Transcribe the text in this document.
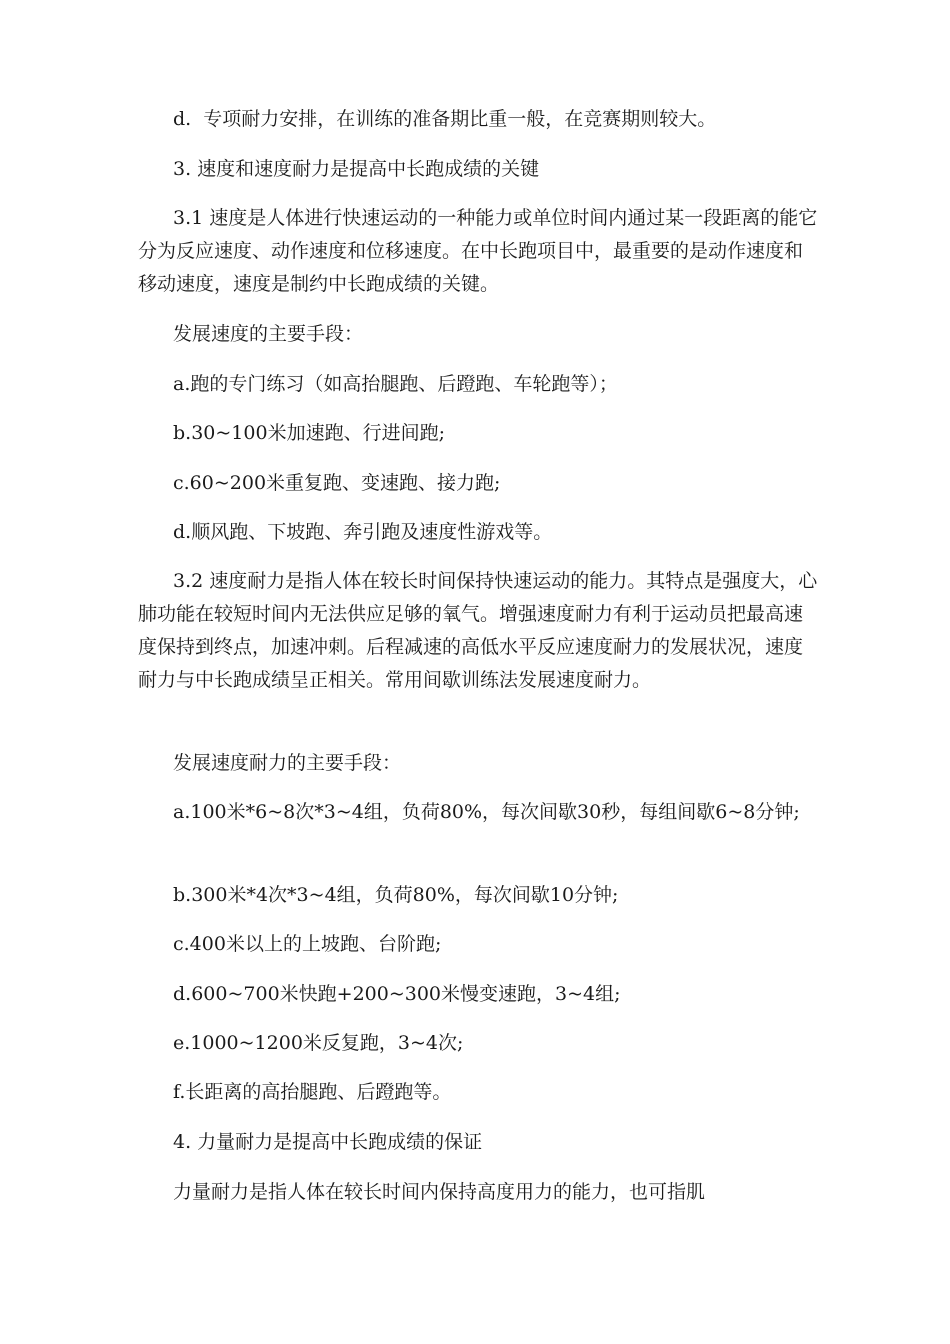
d.  专项耐力安排，在训练的准备期比重一般，在竞赛期则较大。

3. 速度和速度耐力是提高中长跑成绩的关键

3.1 速度是人体进行快速运动的一种能力或单位时间内通过某一段距离的能它分为反应速度、动作速度和位移速度。在中长跑项目中，最重要的是动作速度和移动速度，速度是制约中长跑成绩的关键。

发展速度的主要手段：

a.跑的专门练习（如高抬腿跑、后蹬跑、车轮跑等）；

b.30~100米加速跑、行进间跑;

c.60~200米重复跑、变速跑、接力跑;

d.顺风跑、下坡跑、奔引跑及速度性游戏等。

3.2 速度耐力是指人体在较长时间保持快速运动的能力。其特点是强度大，心肺功能在较短时间内无法供应足够的氧气。增强速度耐力有利于运动员把最高速度保持到终点，加速冲刺。后程减速的高低水平反应速度耐力的发展状况，速度耐力与中长跑成绩呈正相关。常用间歇训练法发展速度耐力。

发展速度耐力的主要手段：

a.100米*6~8次*3~4组，负荷80%，每次间歇30秒，每组间歇6~8分钟;

b.300米*4次*3~4组，负荷80%，每次间歇10分钟;

c.400米以上的上坡跑、台阶跑;

d.600~700米快跑+200~300米慢变速跑，3~4组;

e.1000~1200米反复跑，3~4次;

f.长距离的高抬腿跑、后蹬跑等。

4. 力量耐力是提高中长跑成绩的保证

力量耐力是指人体在较长时间内保持高度用力的能力，也可指肌
